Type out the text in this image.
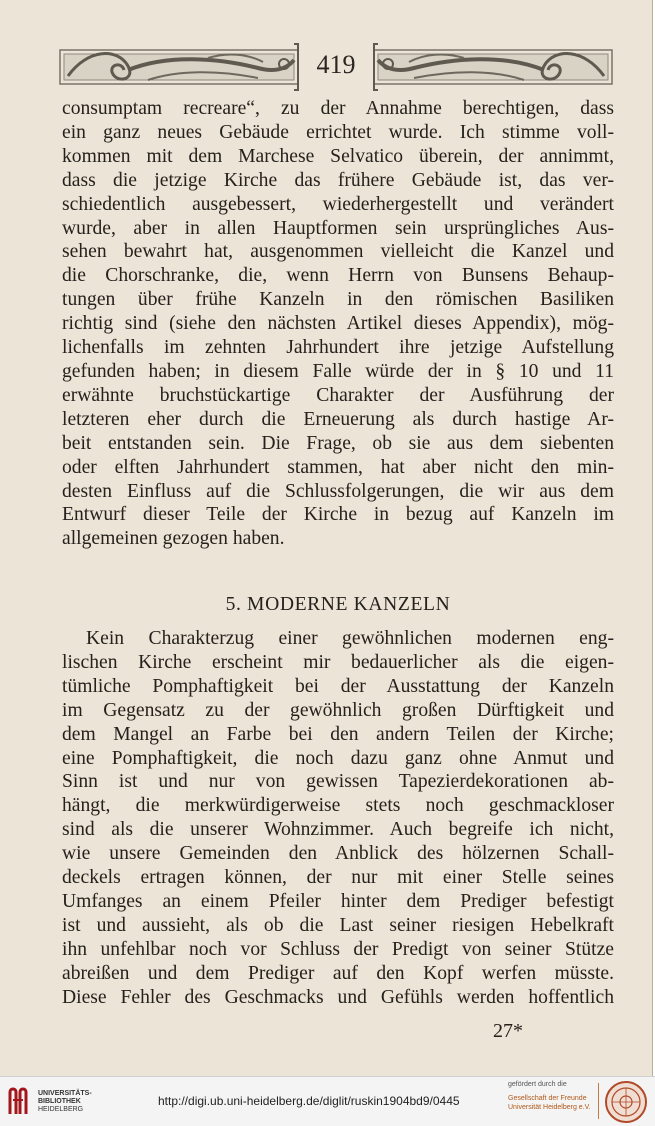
419
consumptam recreare“, zu der Annahme berechtigen, dass
ein ganz neues Gebäude errichtet wurde. Ich stimme voll-
kommen mit dem Marchese Selvatico überein, der annimmt,
dass die jetzige Kirche das frühere Gebäude ist, das ver-
schiedentlich ausgebessert, wiederhergestellt und verändert
wurde, aber in allen Hauptformen sein ursprüngliches Aus-
sehen bewahrt hat, ausgenommen vielleicht die Kanzel und
die Chorschranke, die, wenn Herrn von Bunsens Behaup-
tungen über frühe Kanzeln in den römischen Basiliken
richtig sind (siehe den nächsten Artikel dieses Appendix), mög-
lichenfalls im zehnten Jahrhundert ihre jetzige Aufstellung
gefunden haben; in diesem Falle würde der in § 10 und 11
erwähnte bruchstückartige Charakter der Ausführung der
letzteren eher durch die Erneuerung als durch hastige Ar-
beit entstanden sein. Die Frage, ob sie aus dem siebenten
oder elften Jahrhundert stammen, hat aber nicht den min-
desten Einfluss auf die Schlussfolgerungen, die wir aus dem
Entwurf dieser Teile der Kirche in bezug auf Kanzeln im
allgemeinen gezogen haben.
5. MODERNE KANZELN
Kein Charakterzug einer gewöhnlichen modernen eng-
lischen Kirche erscheint mir bedauerlicher als die eigen-
tümliche Pomphaftigkeit bei der Ausstattung der Kanzeln
im Gegensatz zu der gewöhnlich großen Dürftigkeit und
dem Mangel an Farbe bei den andern Teilen der Kirche;
eine Pomphaftigkeit, die noch dazu ganz ohne Anmut und
Sinn ist und nur von gewissen Tapezierdekorationen ab-
hängt, die merkwürdigerweise stets noch geschmackloser
sind als die unserer Wohnzimmer. Auch begreife ich nicht,
wie unsere Gemeinden den Anblick des hölzernen Schall-
deckels ertragen können, der nur mit einer Stelle seines
Umfanges an einem Pfeiler hinter dem Prediger befestigt
ist und aussieht, als ob die Last seiner riesigen Hebelkraft
ihn unfehlbar noch vor Schluss der Predigt von seiner Stütze
abreißen und dem Prediger auf den Kopf werfen müsste.
Diese Fehler des Geschmacks und Gefühls werden hoffentlich
27*
UNIVERSITÄTS-
BIBLIOTHEK
HEIDELBERG
http://digi.ub.uni-heidelberg.de/diglit/ruskin1904bd9/0445
gefördert durch die
Gesellschaft der Freunde
Universität Heidelberg e.V.
